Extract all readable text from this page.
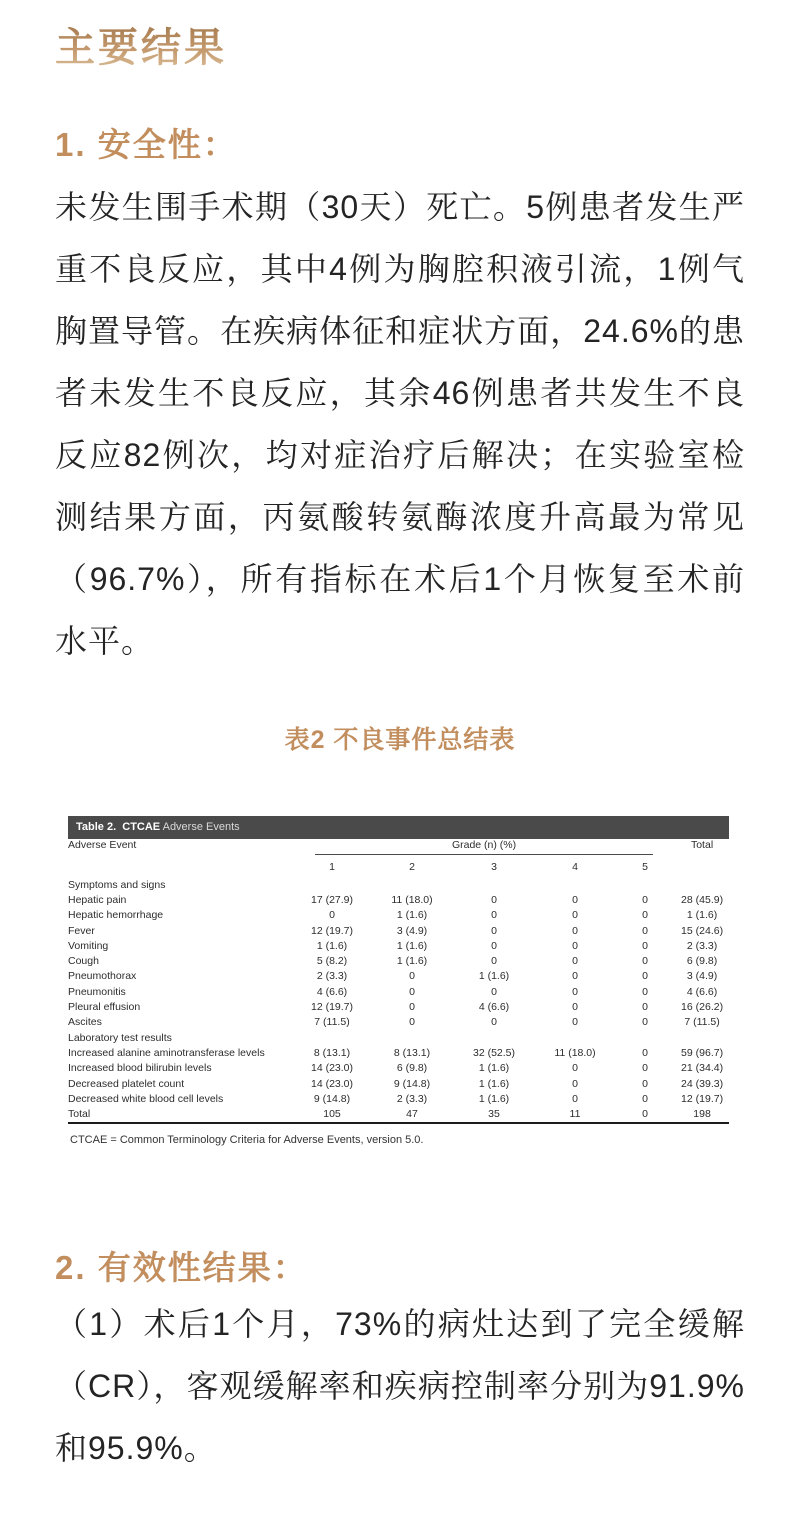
主要结果
1. 安全性：

未发生围手术期（30天）死亡。5例患者发生严重不良反应，其中4例为胸腔积液引流，1例气胸置导管。在疾病体征和症状方面，24.6%的患者未发生不良反应，其余46例患者共发生不良反应82例次，均对症治疗后解决；在实验室检测结果方面，丙氨酸转氨酶浓度升高最为常见（96.7%），所有指标在术后1个月恢复至术前水平。

表2 不良事件总结表
Table 2.  CTCAE Adverse Events
Adverse Event	Grade (n) (%)					Total
	1	2	3	4	5	
Symptoms and signs						
Hepatic pain	17 (27.9)	11 (18.0)	0	0	0	28 (45.9)
Hepatic hemorrhage	0	1 (1.6)	0	0	0	1 (1.6)
Fever	12 (19.7)	3 (4.9)	0	0	0	15 (24.6)
Vomiting	1 (1.6)	1 (1.6)	0	0	0	2 (3.3)
Cough	5 (8.2)	1 (1.6)	0	0	0	6 (9.8)
Pneumothorax	2 (3.3)	0	1 (1.6)	0	0	3 (4.9)
Pneumonitis	4 (6.6)	0	0	0	0	4 (6.6)
Pleural effusion	12 (19.7)	0	4 (6.6)	0	0	16 (26.2)
Ascites	7 (11.5)	0	0	0	0	7 (11.5)
Laboratory test results						
Increased alanine aminotransferase levels	8 (13.1)	8 (13.1)	32 (52.5)	11 (18.0)	0	59 (96.7)
Increased blood bilirubin levels	14 (23.0)	6 (9.8)	1 (1.6)	0	0	21 (34.4)
Decreased platelet count	14 (23.0)	9 (14.8)	1 (1.6)	0	0	24 (39.3)
Decreased white blood cell levels	9 (14.8)	2 (3.3)	1 (1.6)	0	0	12 (19.7)
Total	105	47	35	11	0	198
CTCAE = Common Terminology Criteria for Adverse Events, version 5.0.
2. 有效性结果：

（1）术后1个月，73%的病灶达到了完全缓解（CR），客观缓解率和疾病控制率分别为91.9%和95.9%。
